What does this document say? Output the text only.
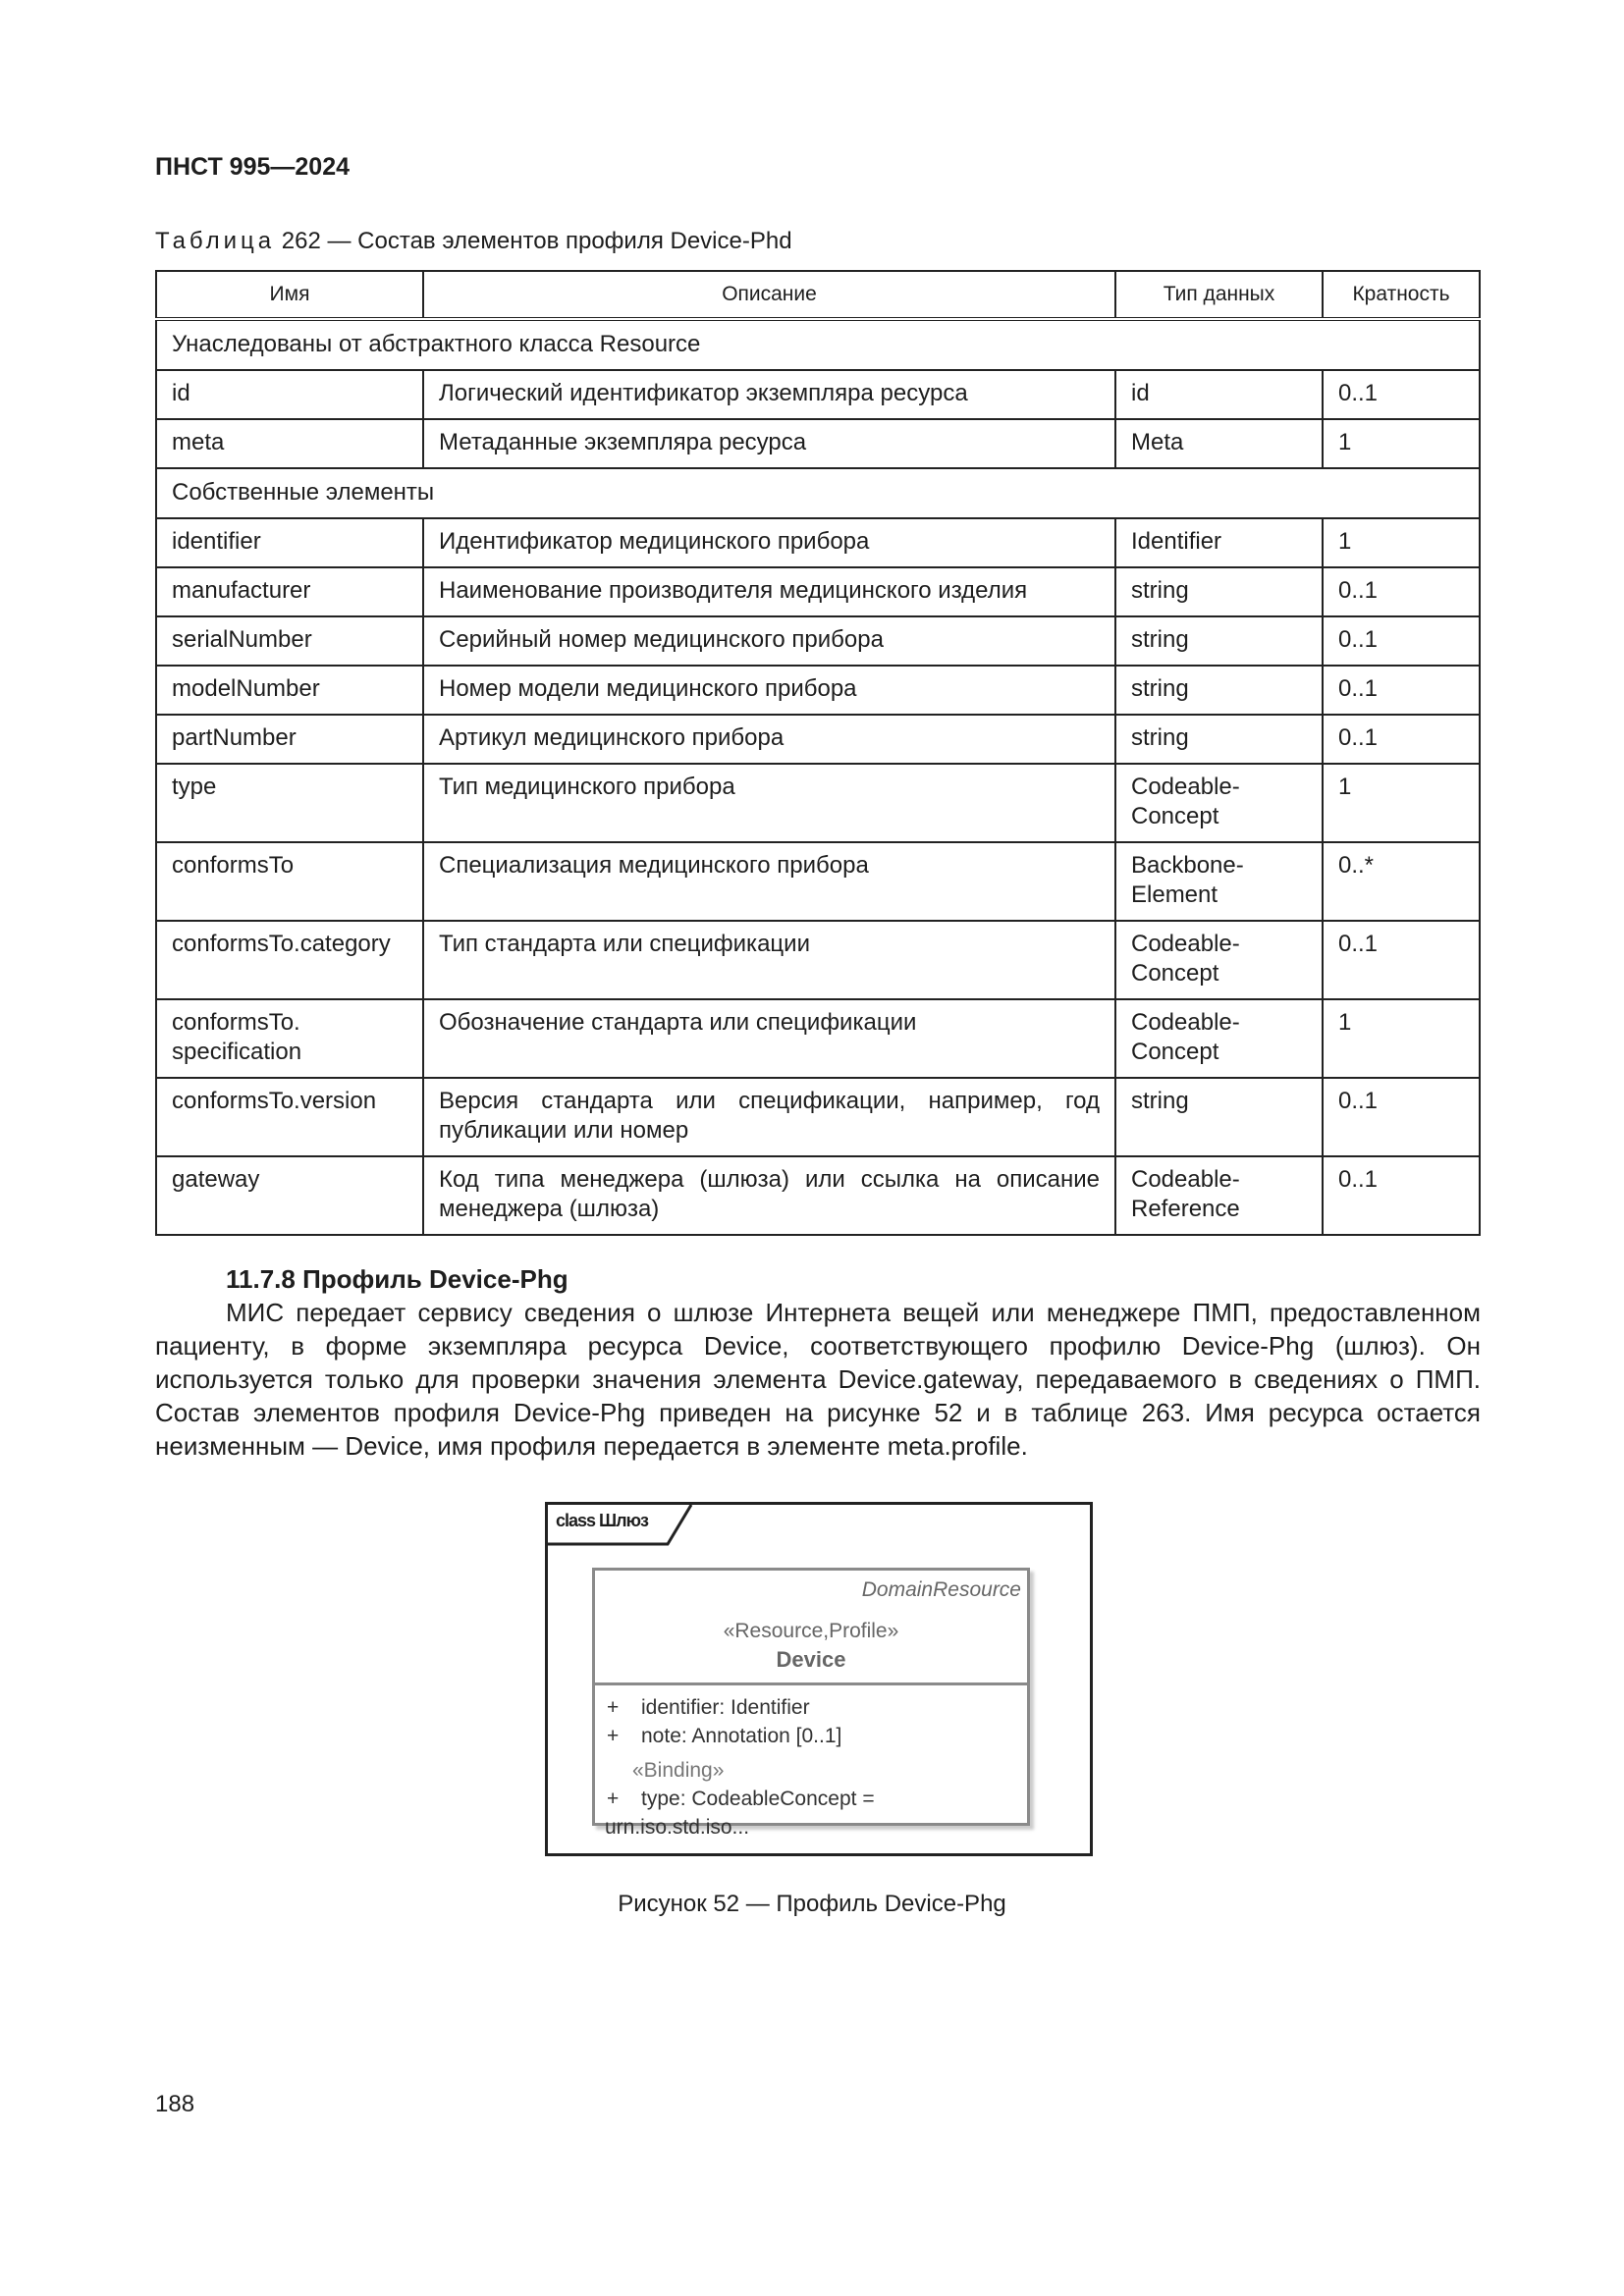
ПНСТ 995—2024
Таблица 262 — Состав элементов профиля Device-Phd
Имя	Описание	Тип данных	Кратность
Унаследованы от абстрактного класса Resource			
id	Логический идентификатор экземпляра ресурса	id	0..1
meta	Метаданные экземпляра ресурса	Meta	1
Собственные элементы			
identifier	Идентификатор медицинского прибора	Identifier	1
manufacturer	Наименование производителя медицинского изделия	string	0..1
serialNumber	Серийный номер медицинского прибора	string	0..1
modelNumber	Номер модели медицинского прибора	string	0..1
partNumber	Артикул медицинского прибора	string	0..1
type	Тип медицинского прибора	Codeable-Concept	1
conformsTo	Специализация медицинского прибора	Backbone-Element	0..*
conformsTo.category	Тип стандарта или спецификации	Codeable-Concept	0..1
conformsTo. specification	Обозначение стандарта или спецификации	Codeable-Concept	1
conformsTo.version	Версия стандарта или спецификации, например, год публикации или номер	string	0..1
gateway	Код типа менеджера (шлюза) или ссылка на описание менеджера (шлюза)	Codeable-Reference	0..1
11.7.8 Профиль Device-Phg
МИС передает сервису сведения о шлюзе Интернета вещей или менеджере ПМП, предоставленном пациенту, в форме экземпляра ресурса Device, соответствующего профилю Device-Phg (шлюз). Он используется только для проверки значения элемента Device.gateway, передаваемого в сведениях о ПМП. Состав элементов профиля Device-Phg приведен на рисунке 52 и в таблице 263. Имя ресурса остается неизменным — Device, имя профиля передается в элементе meta.profile.
class Шлюз
DomainResource
«Resource,Profile»
Device
+ identifier: Identifier
+ note: Annotation [0..1]
«Binding»
+ type: CodeableConcept = urn.iso.std.iso...
Рисунок 52 — Профиль Device-Phg
188
